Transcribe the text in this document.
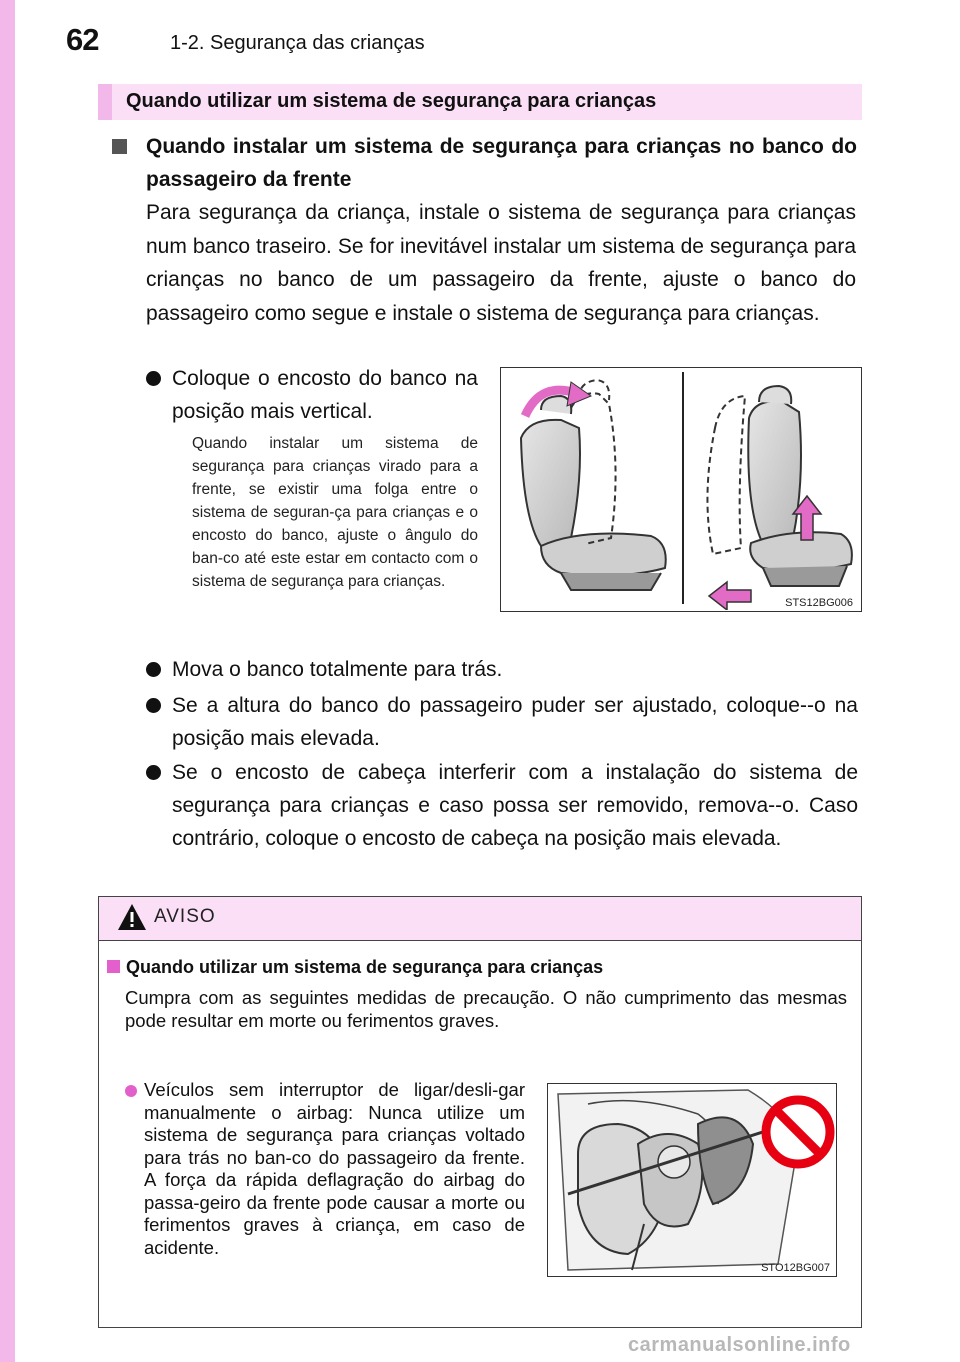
62	1-2. Segurança das crianças
Quando utilizar um sistema de segurança para crianças
Quando instalar um sistema de segurança para crianças no banco do passageiro da frente
Para segurança da criança, instale o sistema de segurança para crianças num banco traseiro. Se for inevitável instalar um sistema de segurança para crianças no banco de um passageiro da frente, ajuste o banco do passageiro como segue e instale o sistema de segurança para crianças.
Coloque o encosto do banco na posição mais vertical.
Quando instalar um sistema de segurança para crianças virado para a frente, se existir uma folga entre o sistema de seguran-ça para crianças e o encosto do banco, ajuste o ângulo do ban-co até este estar em contacto com o sistema de segurança para crianças.
STS12BG006
Mova o banco totalmente para trás.
Se a altura do banco do passageiro puder ser ajustado, coloque--o na posição mais elevada.
Se o encosto de cabeça interferir com a instalação do sistema de segurança para crianças e caso possa ser removido, remova--o. Caso contrário, coloque o encosto de cabeça na posição mais elevada.
AVISO
Quando utilizar um sistema de segurança para crianças
Cumpra com as seguintes medidas de precaução. O não cumprimento das mesmas pode resultar em morte ou ferimentos graves.
Veículos sem interruptor de ligar/desli-gar manualmente o airbag: Nunca utilize um sistema de segurança para crianças voltado para trás no ban-co do passageiro da frente. A força da rápida deflagração do airbag do passa-geiro da frente pode causar a morte ou ferimentos graves à criança, em caso de acidente.
STO12BG007
carmanualsonline.info
